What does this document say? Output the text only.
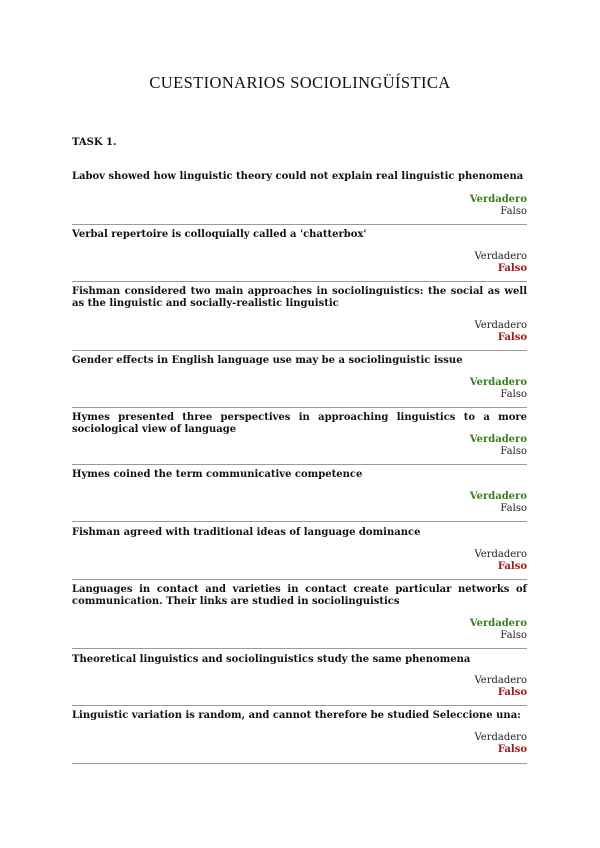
CUESTIONARIOS SOCIOLINGÜÍSTICA
TASK 1.
Labov showed how linguistic theory could not explain real linguistic phenomena
Verdadero
Falso
Verbal repertoire is colloquially called a 'chatterbox'
Verdadero
Falso
Fishman considered two main approaches in sociolinguistics: the social as well as the linguistic and socially-realistic linguistic
Verdadero
Falso
Gender effects in English language use may be a sociolinguistic issue
Verdadero
Falso
Hymes presented three perspectives in approaching linguistics to a more sociological view of language
Verdadero
Falso
Hymes coined the term communicative competence
Verdadero
Falso
Fishman agreed with traditional ideas of language dominance
Verdadero
Falso
Languages in contact and varieties in contact create particular networks of communication. Their links are studied in sociolinguistics
Verdadero
Falso
Theoretical linguistics and sociolinguistics study the same phenomena
Verdadero
Falso
Linguistic variation is random, and cannot therefore be studied Seleccione una:
Verdadero
Falso
